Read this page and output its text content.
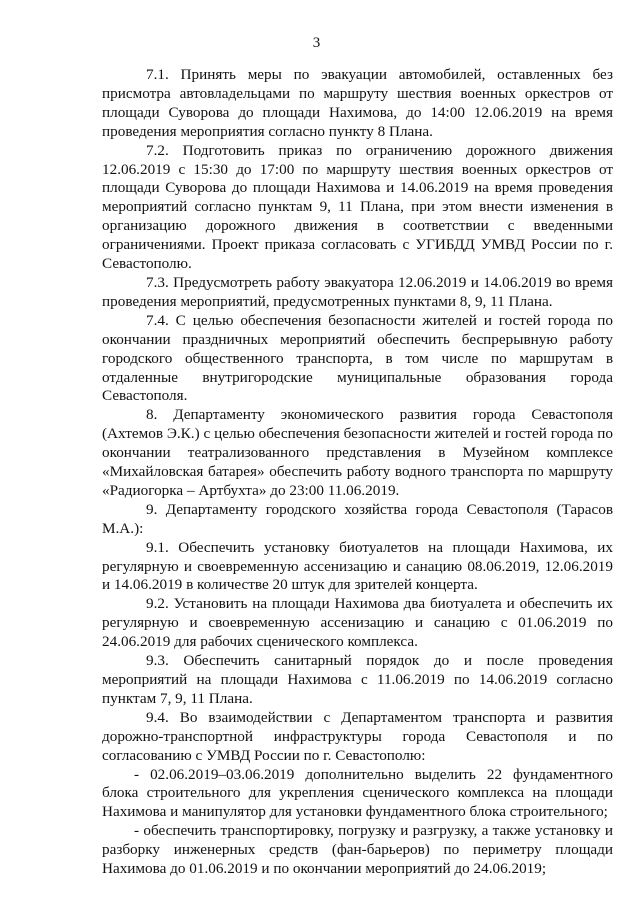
3

7.1. Принять меры по эвакуации автомобилей, оставленных без присмотра автовладельцами по маршруту шествия военных оркестров от площади Суворова до площади Нахимова, до 14:00 12.06.2019 на время проведения мероприятия согласно пункту 8 Плана.

7.2. Подготовить приказ по ограничению дорожного движения 12.06.2019 с 15:30 до 17:00 по маршруту шествия военных оркестров от площади Суворова до площади Нахимова и 14.06.2019 на время проведения мероприятий согласно пунктам 9, 11 Плана, при этом внести изменения в организацию дорожного движения в соответствии с введенными ограничениями. Проект приказа согласовать с УГИБДД УМВД России по г. Севастополю.

7.3. Предусмотреть работу эвакуатора 12.06.2019 и 14.06.2019 во время проведения мероприятий, предусмотренных пунктами 8, 9, 11 Плана.

7.4. С целью обеспечения безопасности жителей и гостей города по окончании праздничных мероприятий обеспечить беспрерывную работу городского общественного транспорта, в том числе по маршрутам в отдаленные внутригородские муниципальные образования города Севастополя.

8. Департаменту экономического развития города Севастополя (Ахтемов Э.К.) с целью обеспечения безопасности жителей и гостей города по окончании театрализованного представления в Музейном комплексе «Михайловская батарея» обеспечить работу водного транспорта по маршруту «Радиогорка – Артбухта» до 23:00 11.06.2019.

9. Департаменту городского хозяйства города Севастополя (Тарасов М.А.):

9.1. Обеспечить установку биотуалетов на площади Нахимова, их регулярную и своевременную ассенизацию и санацию 08.06.2019, 12.06.2019 и 14.06.2019 в количестве 20 штук для зрителей концерта.

9.2. Установить на площади Нахимова два биотуалета и обеспечить их регулярную и своевременную ассенизацию и санацию с 01.06.2019 по 24.06.2019 для рабочих сценического комплекса.

9.3. Обеспечить санитарный порядок до и после проведения мероприятий на площади Нахимова с 11.06.2019 по 14.06.2019 согласно пунктам 7, 9, 11 Плана.

9.4. Во взаимодействии с Департаментом транспорта и развития дорожно-транспортной инфраструктуры города Севастополя и по согласованию с УМВД России по г. Севастополю:

- 02.06.2019–03.06.2019 дополнительно выделить 22 фундаментного блока строительного для укрепления сценического комплекса на площади Нахимова и манипулятор для установки фундаментного блока строительного;

- обеспечить транспортировку, погрузку и разгрузку, а также установку и разборку инженерных средств (фан-барьеров) по периметру площади Нахимова до 01.06.2019 и по окончании мероприятий до 24.06.2019;
